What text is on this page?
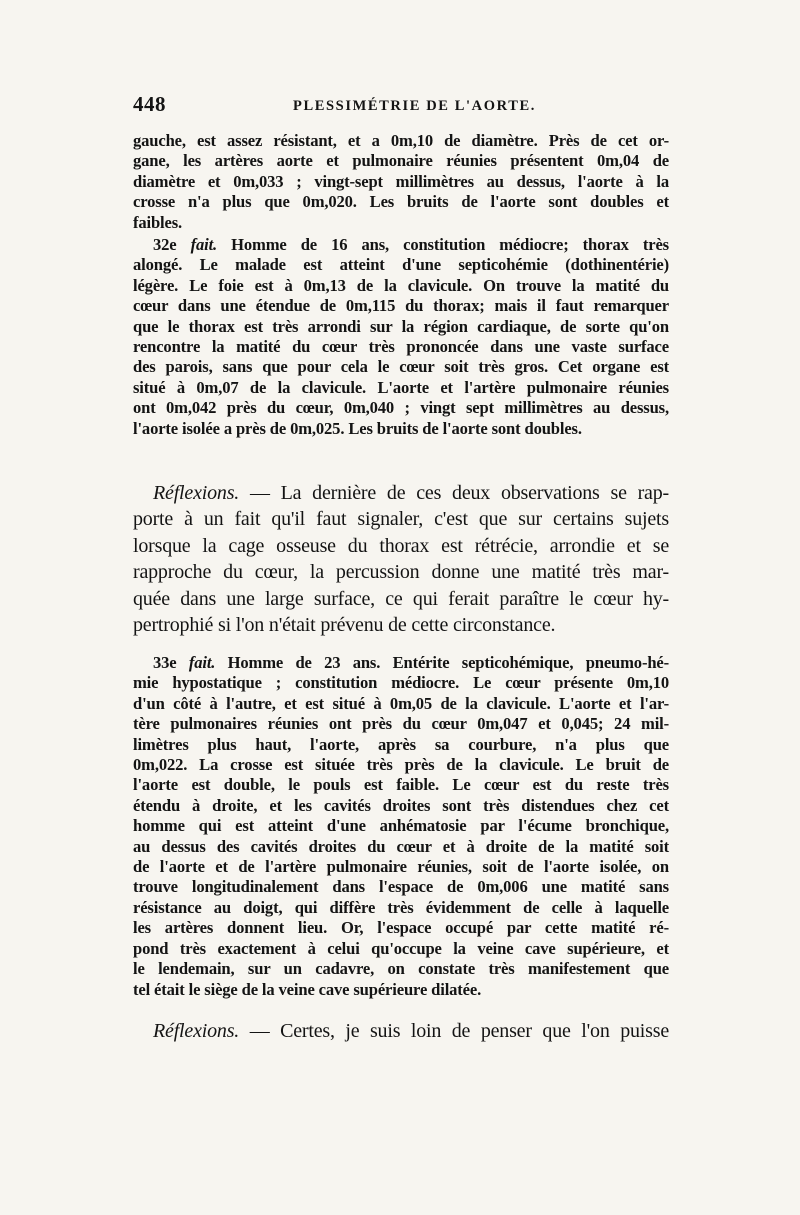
448	PLESSIMÉTRIE DE L'AORTE.
gauche, est assez résistant, et a 0m,10 de diamètre. Près de cet or-
gane, les artères aorte et pulmonaire réunies présentent 0m,04 de
diamètre et 0m,033 ; vingt-sept millimètres au dessus, l'aorte à la
crosse n'a plus que 0m,020. Les bruits de l'aorte sont doubles et
faibles.
32e fait. Homme de 16 ans, constitution médiocre; thorax très
alongé. Le malade est atteint d'une septicohémie (dothinentérie)
légère. Le foie est à 0m,13 de la clavicule. On trouve la matité du
cœur dans une étendue de 0m,115 du thorax; mais il faut remarquer
que le thorax est très arrondi sur la région cardiaque, de sorte qu'on
rencontre la matité du cœur très prononcée dans une vaste surface
des parois, sans que pour cela le cœur soit très gros. Cet organe est
situé à 0m,07 de la clavicule. L'aorte et l'artère pulmonaire réunies
ont 0m,042 près du cœur, 0m,040 ; vingt sept millimètres au dessus,
l'aorte isolée a près de 0m,025. Les bruits de l'aorte sont doubles.
Réflexions. — La dernière de ces deux observations se rap-
porte à un fait qu'il faut signaler, c'est que sur certains sujets
lorsque la cage osseuse du thorax est rétrécie, arrondie et se
rapproche du cœur, la percussion donne une matité très mar-
quée dans une large surface, ce qui ferait paraître le cœur hy-
pertrophié si l'on n'était prévenu de cette circonstance.
33e fait. Homme de 23 ans. Entérite septicohémique, pneumo-hé-
mie hypostatique ; constitution médiocre. Le cœur présente 0m,10
d'un côté à l'autre, et est situé à 0m,05 de la clavicule. L'aorte et l'ar-
tère pulmonaires réunies ont près du cœur 0m,047 et 0,045; 24 mil-
limètres plus haut, l'aorte, après sa courbure, n'a plus que
0m,022. La crosse est située très près de la clavicule. Le bruit de
l'aorte est double, le pouls est faible. Le cœur est du reste très
étendu à droite, et les cavités droites sont très distendues chez cet
homme qui est atteint d'une anhématosie par l'écume bronchique,
au dessus des cavités droites du cœur et à droite de la matité soit
de l'aorte et de l'artère pulmonaire réunies, soit de l'aorte isolée, on
trouve longitudinalement dans l'espace de 0m,006 une matité sans
résistance au doigt, qui diffère très évidemment de celle à laquelle
les artères donnent lieu. Or, l'espace occupé par cette matité ré-
pond très exactement à celui qu'occupe la veine cave supérieure, et
le lendemain, sur un cadavre, on constate très manifestement que
tel était le siège de la veine cave supérieure dilatée.
Réflexions. — Certes, je suis loin de penser que l'on puisse
